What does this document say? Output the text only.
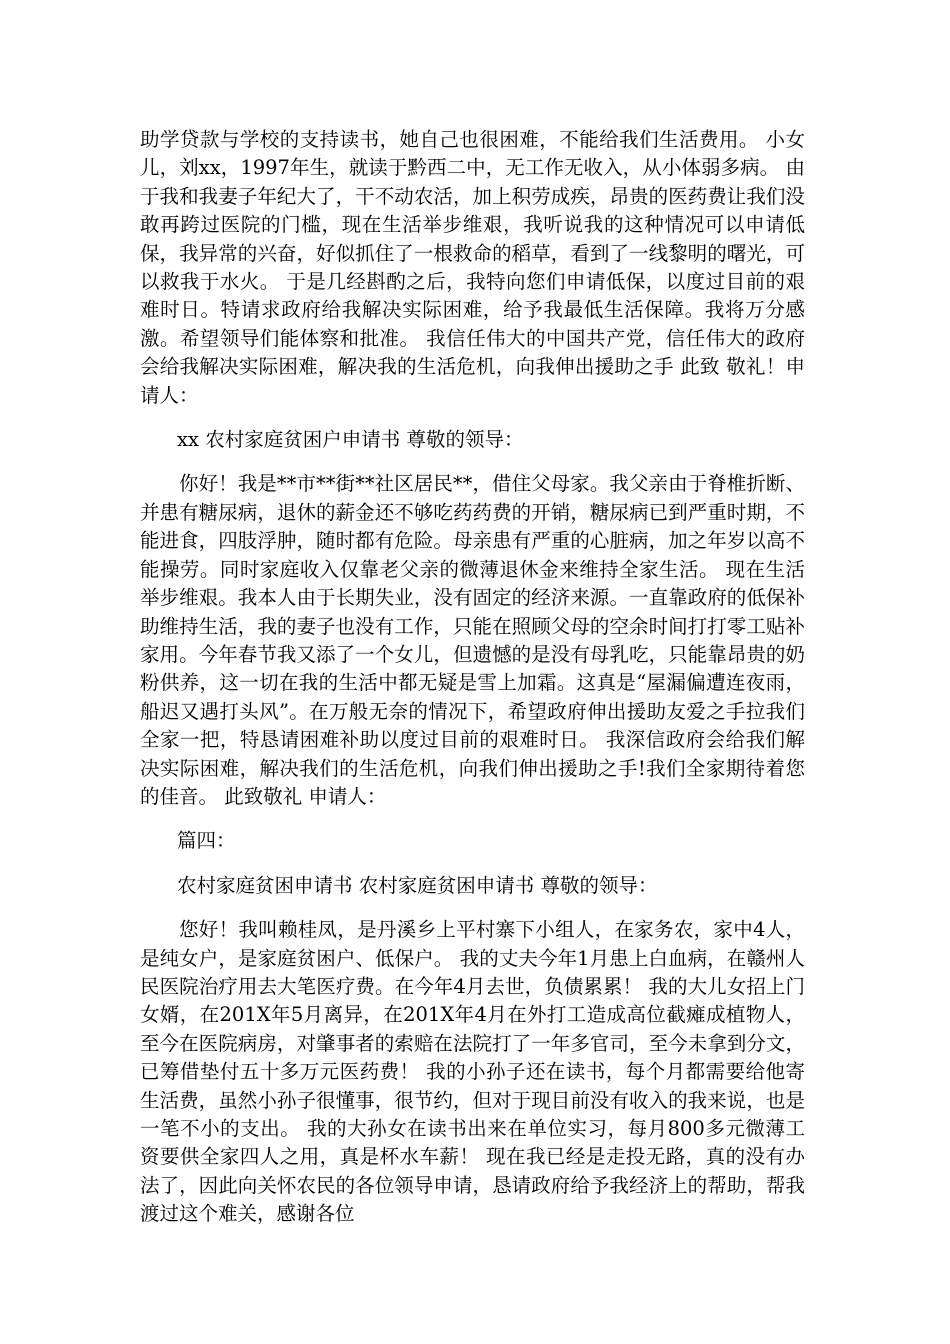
助学贷款与学校的支持读书，她自己也很困难，不能给我们生活费用。 小女儿，刘xx，1997年生，就读于黔西二中，无工作无收入，从小体弱多病。 由于我和我妻子年纪大了，干不动农活，加上积劳成疾，昂贵的医药费让我们没敢再跨过医院的门槛，现在生活举步维艰，我听说我的这种情况可以申请低保，我异常的兴奋，好似抓住了一根救命的稻草，看到了一线黎明的曙光，可以救我于水火。 于是几经斟酌之后，我特向您们申请低保，以度过目前的艰难时日。特请求政府给我解决实际困难，给予我最低生活保障。我将万分感激。希望领导们能体察和批准。 我信任伟大的中国共产党，信任伟大的政府会给我解决实际困难，解决我的生活危机，向我伸出援助之手 此致 敬礼！申请人：

xx 农村家庭贫困户申请书 尊敬的领导：

你好！我是**市**街**社区居民**，借住父母家。我父亲由于脊椎折断、并患有糖尿病，退休的薪金还不够吃药药费的开销，糖尿病已到严重时期，不能进食，四肢浮肿，随时都有危险。母亲患有严重的心脏病，加之年岁以高不能操劳。同时家庭收入仅靠老父亲的微薄退休金来维持全家生活。 现在生活举步维艰。我本人由于长期失业，没有固定的经济来源。一直靠政府的低保补助维持生活，我的妻子也没有工作，只能在照顾父母的空余时间打打零工贴补家用。今年春节我又添了一个女儿，但遗憾的是没有母乳吃，只能靠昂贵的奶粉供养，这一切在我的生活中都无疑是雪上加霜。这真是“屋漏偏遭连夜雨，船迟又遇打头风”。在万般无奈的情况下，希望政府伸出援助友爱之手拉我们全家一把，特恳请困难补助以度过目前的艰难时日。 我深信政府会给我们解决实际困难，解决我们的生活危机，向我们伸出援助之手!我们全家期待着您的佳音。 此致敬礼 申请人：

篇四：

农村家庭贫困申请书 农村家庭贫困申请书 尊敬的领导：

您好！我叫赖桂凤，是丹溪乡上平村寨下小组人，在家务农，家中4人，是纯女户，是家庭贫困户、低保户。 我的丈夫今年1月患上白血病，在赣州人民医院治疗用去大笔医疗费。在今年4月去世，负债累累！ 我的大儿女招上门女婿，在201X年5月离异，在201X年4月在外打工造成高位截瘫成植物人，至今在医院病房，对肇事者的索赔在法院打了一年多官司，至今未拿到分文，已筹借垫付五十多万元医药费！ 我的小孙子还在读书，每个月都需要给他寄生活费，虽然小孙子很懂事，很节约，但对于现目前没有收入的我来说，也是一笔不小的支出。 我的大孙女在读书出来在单位实习，每月800多元微薄工资要供全家四人之用，真是杯水车薪！ 现在我已经是走投无路，真的没有办法了，因此向关怀农民的各位领导申请，恳请政府给予我经济上的帮助，帮我渡过这个难关，感谢各位
